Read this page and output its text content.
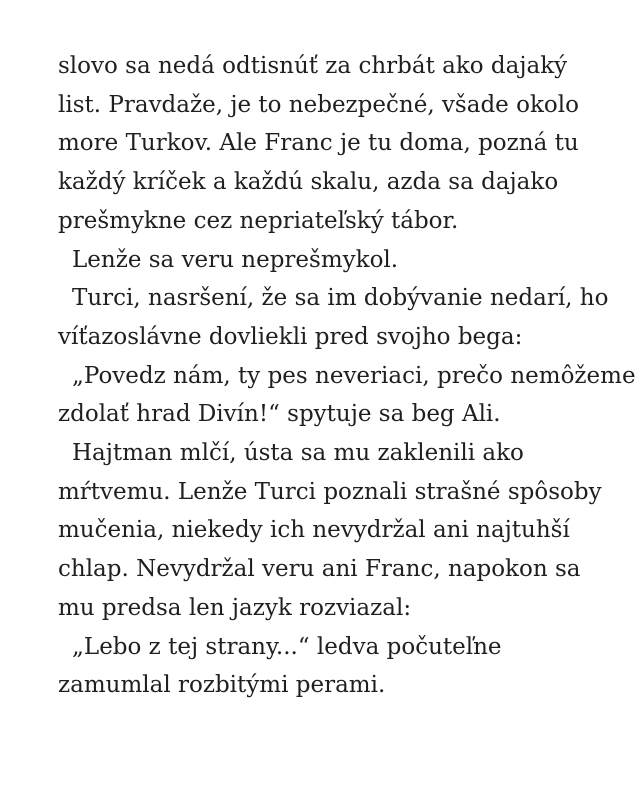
slovo sa nedá odtisnúť za chrbát ako dajaký
list. Pravdaže, je to nebezpečné, všade okolo
more Turkov. Ale Franc je tu doma, pozná tu
každý kríček a každú skalu, azda sa dajako
prešmykne cez nepriateľský tábor.

Lenže sa veru neprešmykol.

Turci, nasršení, že sa im dobývanie nedarí, ho
víťazoslávne dovliekli pred svojho bega:

„Povedz nám, ty pes neveriaci, prečo nemôžeme
zdolať hrad Divín!“ spytuje sa beg Ali.

Hajtman mlčí, ústa sa mu zaklenili ako
mŕtvemu. Lenže Turci poznali strašné spôsoby
mučenia, niekedy ich nevydržal ani najtuhší
chlap. Nevydržal veru ani Franc, napokon sa
mu predsa len jazyk rozviazal:

„Lebo z tej strany...“ ledva počuteľne
zamumlal rozbitými perami.
